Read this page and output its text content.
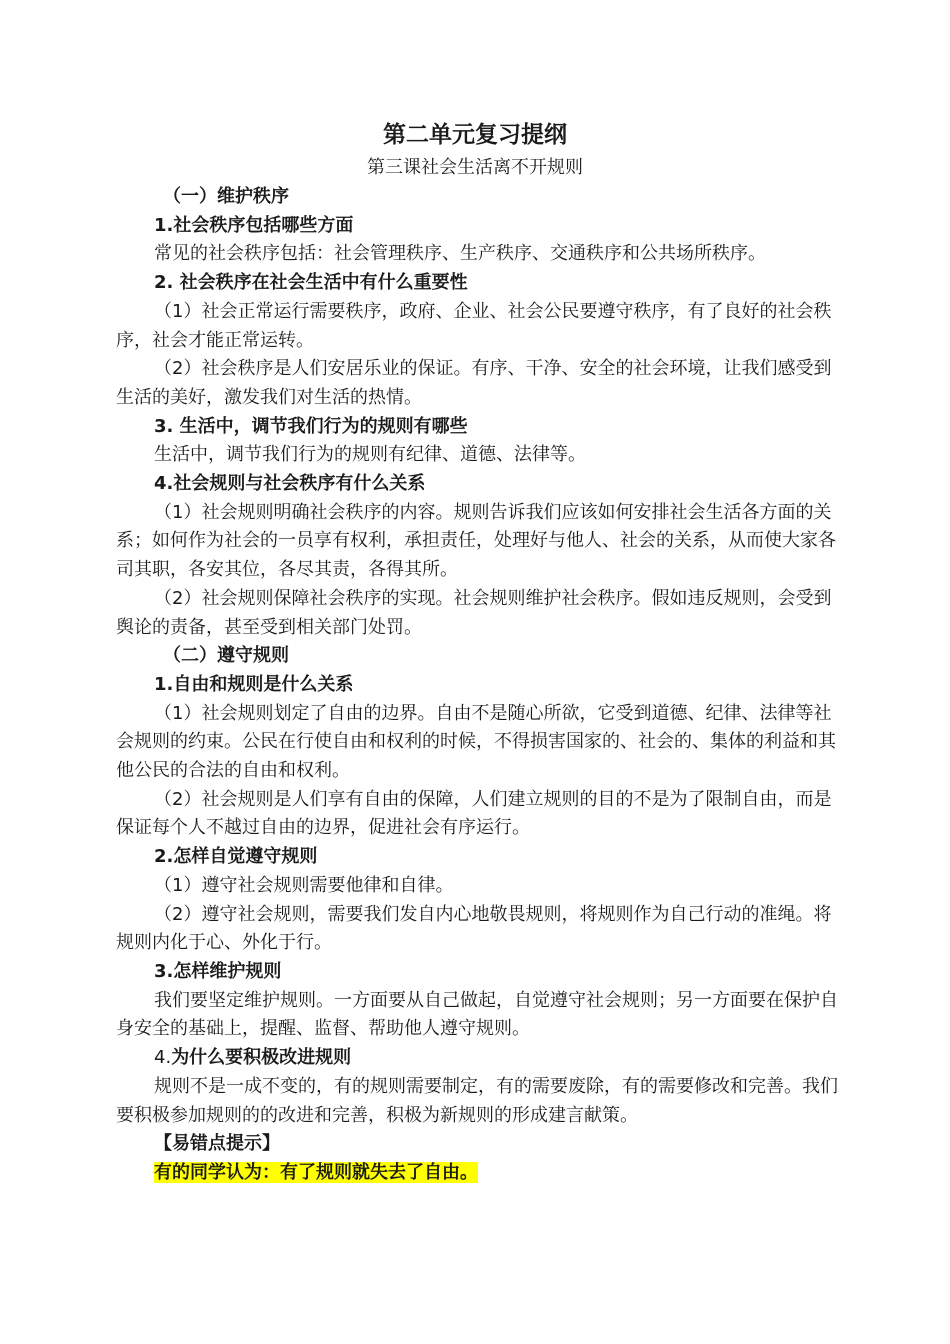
第二单元复习提纲
第三课社会生活离不开规则

（一）维护秩序

1.社会秩序包括哪些方面

常见的社会秩序包括：社会管理秩序、生产秩序、交通秩序和公共场所秩序。

2. 社会秩序在社会生活中有什么重要性

（1）社会正常运行需要秩序，政府、企业、社会公民要遵守秩序，有了良好的社会秩序，社会才能正常运转。

（2）社会秩序是人们安居乐业的保证。有序、干净、安全的社会环境，让我们感受到生活的美好，激发我们对生活的热情。

3. 生活中，调节我们行为的规则有哪些

生活中，调节我们行为的规则有纪律、道德、法律等。

4.社会规则与社会秩序有什么关系

（1）社会规则明确社会秩序的内容。规则告诉我们应该如何安排社会生活各方面的关系；如何作为社会的一员享有权利，承担责任，处理好与他人、社会的关系，从而使大家各司其职，各安其位，各尽其责，各得其所。

（2）社会规则保障社会秩序的实现。社会规则维护社会秩序。假如违反规则，会受到舆论的责备，甚至受到相关部门处罚。

（二）遵守规则

1.自由和规则是什么关系

（1）社会规则划定了自由的边界。自由不是随心所欲，它受到道德、纪律、法律等社会规则的约束。公民在行使自由和权利的时候，不得损害国家的、社会的、集体的利益和其他公民的合法的自由和权利。

（2）社会规则是人们享有自由的保障，人们建立规则的目的不是为了限制自由，而是保证每个人不越过自由的边界，促进社会有序运行。

2.怎样自觉遵守规则

（1）遵守社会规则需要他律和自律。

（2）遵守社会规则，需要我们发自内心地敬畏规则，将规则作为自己行动的准绳。将规则内化于心、外化于行。

3.怎样维护规则

我们要坚定维护规则。一方面要从自己做起，自觉遵守社会规则；另一方面要在保护自身安全的基础上，提醒、监督、帮助他人遵守规则。

4.为什么要积极改进规则

规则不是一成不变的，有的规则需要制定，有的需要废除，有的需要修改和完善。我们要积极参加规则的的改进和完善，积极为新规则的形成建言献策。

【易错点提示】

有的同学认为：有了规则就失去了自由。
